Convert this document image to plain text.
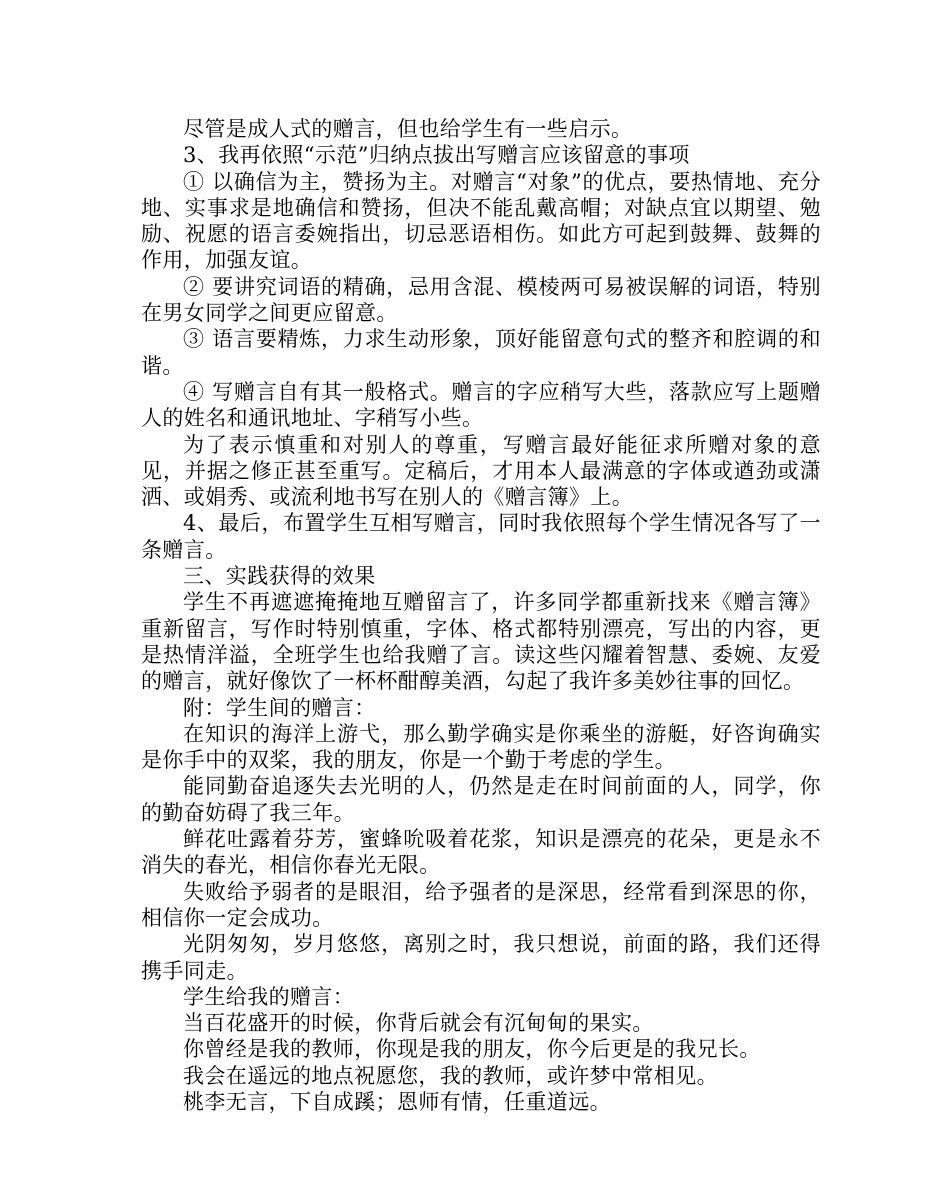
尽管是成人式的赠言，但也给学生有一些启示。

3、我再依照“示范”归纳点拔出写赠言应该留意的事项

① 以确信为主，赞扬为主。对赠言“对象”的优点，要热情地、充分地、实事求是地确信和赞扬，但决不能乱戴高帽；对缺点宜以期望、勉励、祝愿的语言委婉指出，切忌恶语相伤。如此方可起到鼓舞、鼓舞的作用，加强友谊。

② 要讲究词语的精确，忌用含混、模棱两可易被误解的词语，特别在男女同学之间更应留意。

③ 语言要精炼，力求生动形象，顶好能留意句式的整齐和腔调的和谐。

④ 写赠言自有其一般格式。赠言的字应稍写大些，落款应写上题赠人的姓名和通讯地址、字稍写小些。

为了表示慎重和对别人的尊重，写赠言最好能征求所赠对象的意见，并据之修正甚至重写。定稿后，才用本人最满意的字体或遒劲或潇洒、或娟秀、或流利地书写在别人的《赠言簿》上。

4、最后，布置学生互相写赠言，同时我依照每个学生情况各写了一条赠言。

三、实践获得的效果

学生不再遮遮掩掩地互赠留言了，许多同学都重新找来《赠言簿》重新留言，写作时特别慎重，字体、格式都特别漂亮，写出的内容，更是热情洋溢，全班学生也给我赠了言。读这些闪耀着智慧、委婉、友爱的赠言，就好像饮了一杯杯酣醇美酒，勾起了我许多美妙往事的回忆。

附：学生间的赠言：

在知识的海洋上游弋，那么勤学确实是你乘坐的游艇，好咨询确实是你手中的双桨，我的朋友，你是一个勤于考虑的学生。

能同勤奋追逐失去光明的人，仍然是走在时间前面的人，同学，你的勤奋妨碍了我三年。

鲜花吐露着芬芳，蜜蜂吮吸着花浆，知识是漂亮的花朵，更是永不消失的春光，相信你春光无限。

失败给予弱者的是眼泪，给予强者的是深思，经常看到深思的你，相信你一定会成功。

光阴匆匆，岁月悠悠，离别之时，我只想说，前面的路，我们还得携手同走。

学生给我的赠言：

当百花盛开的时候，你背后就会有沉甸甸的果实。

你曾经是我的教师，你现是我的朋友，你今后更是的我兄长。

我会在遥远的地点祝愿您，我的教师，或许梦中常相见。

桃李无言，下自成蹊；恩师有情，任重道远。
